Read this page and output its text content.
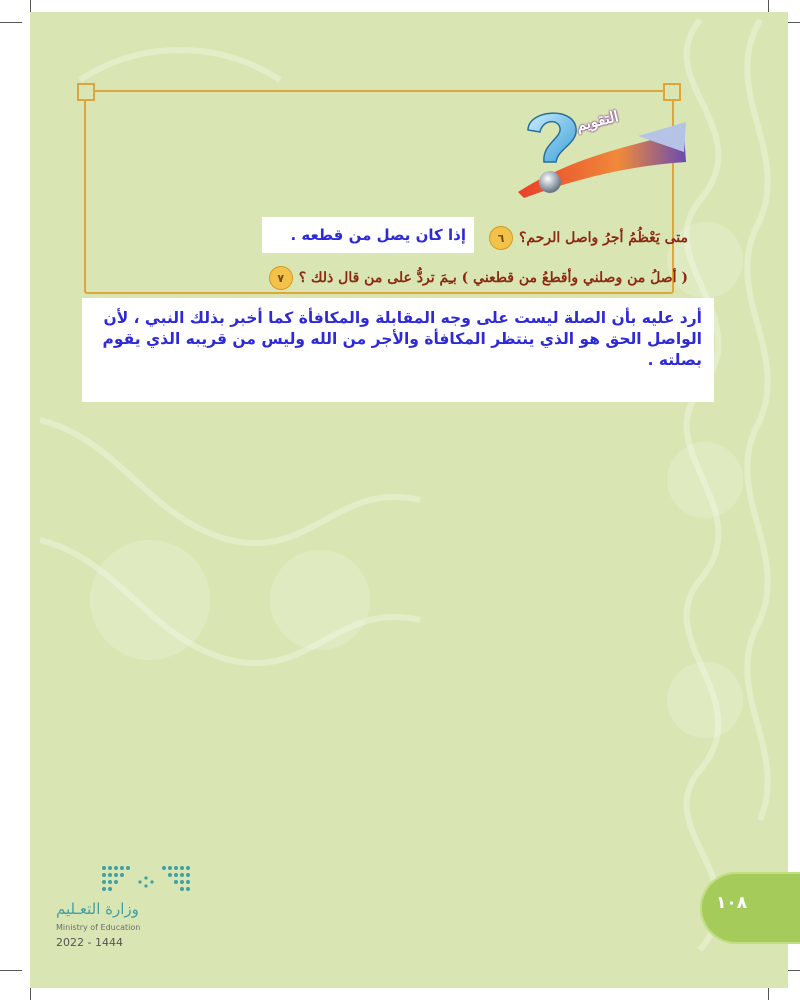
التقويم
٦	متى يَعْظُمُ أجرُ واصل الرحم؟
إذا كان يصل من قطعه .
٧	( أصلُ من وصلني وأقطعُ من قطعني ) بـِمَ تردُّ على من قال ذلك ؟
أرد عليه بأن الصلة ليست على وجه المقابلة والمكافأة كما أخبر بذلك النبي ، لأن الواصل الحق هو الذي ينتظر المكافأة والأجر من الله وليس من قريبه الذي يقوم بصلته .
١٠٨
وزارة التعـليم
Ministry of Education
2022 - 1444
